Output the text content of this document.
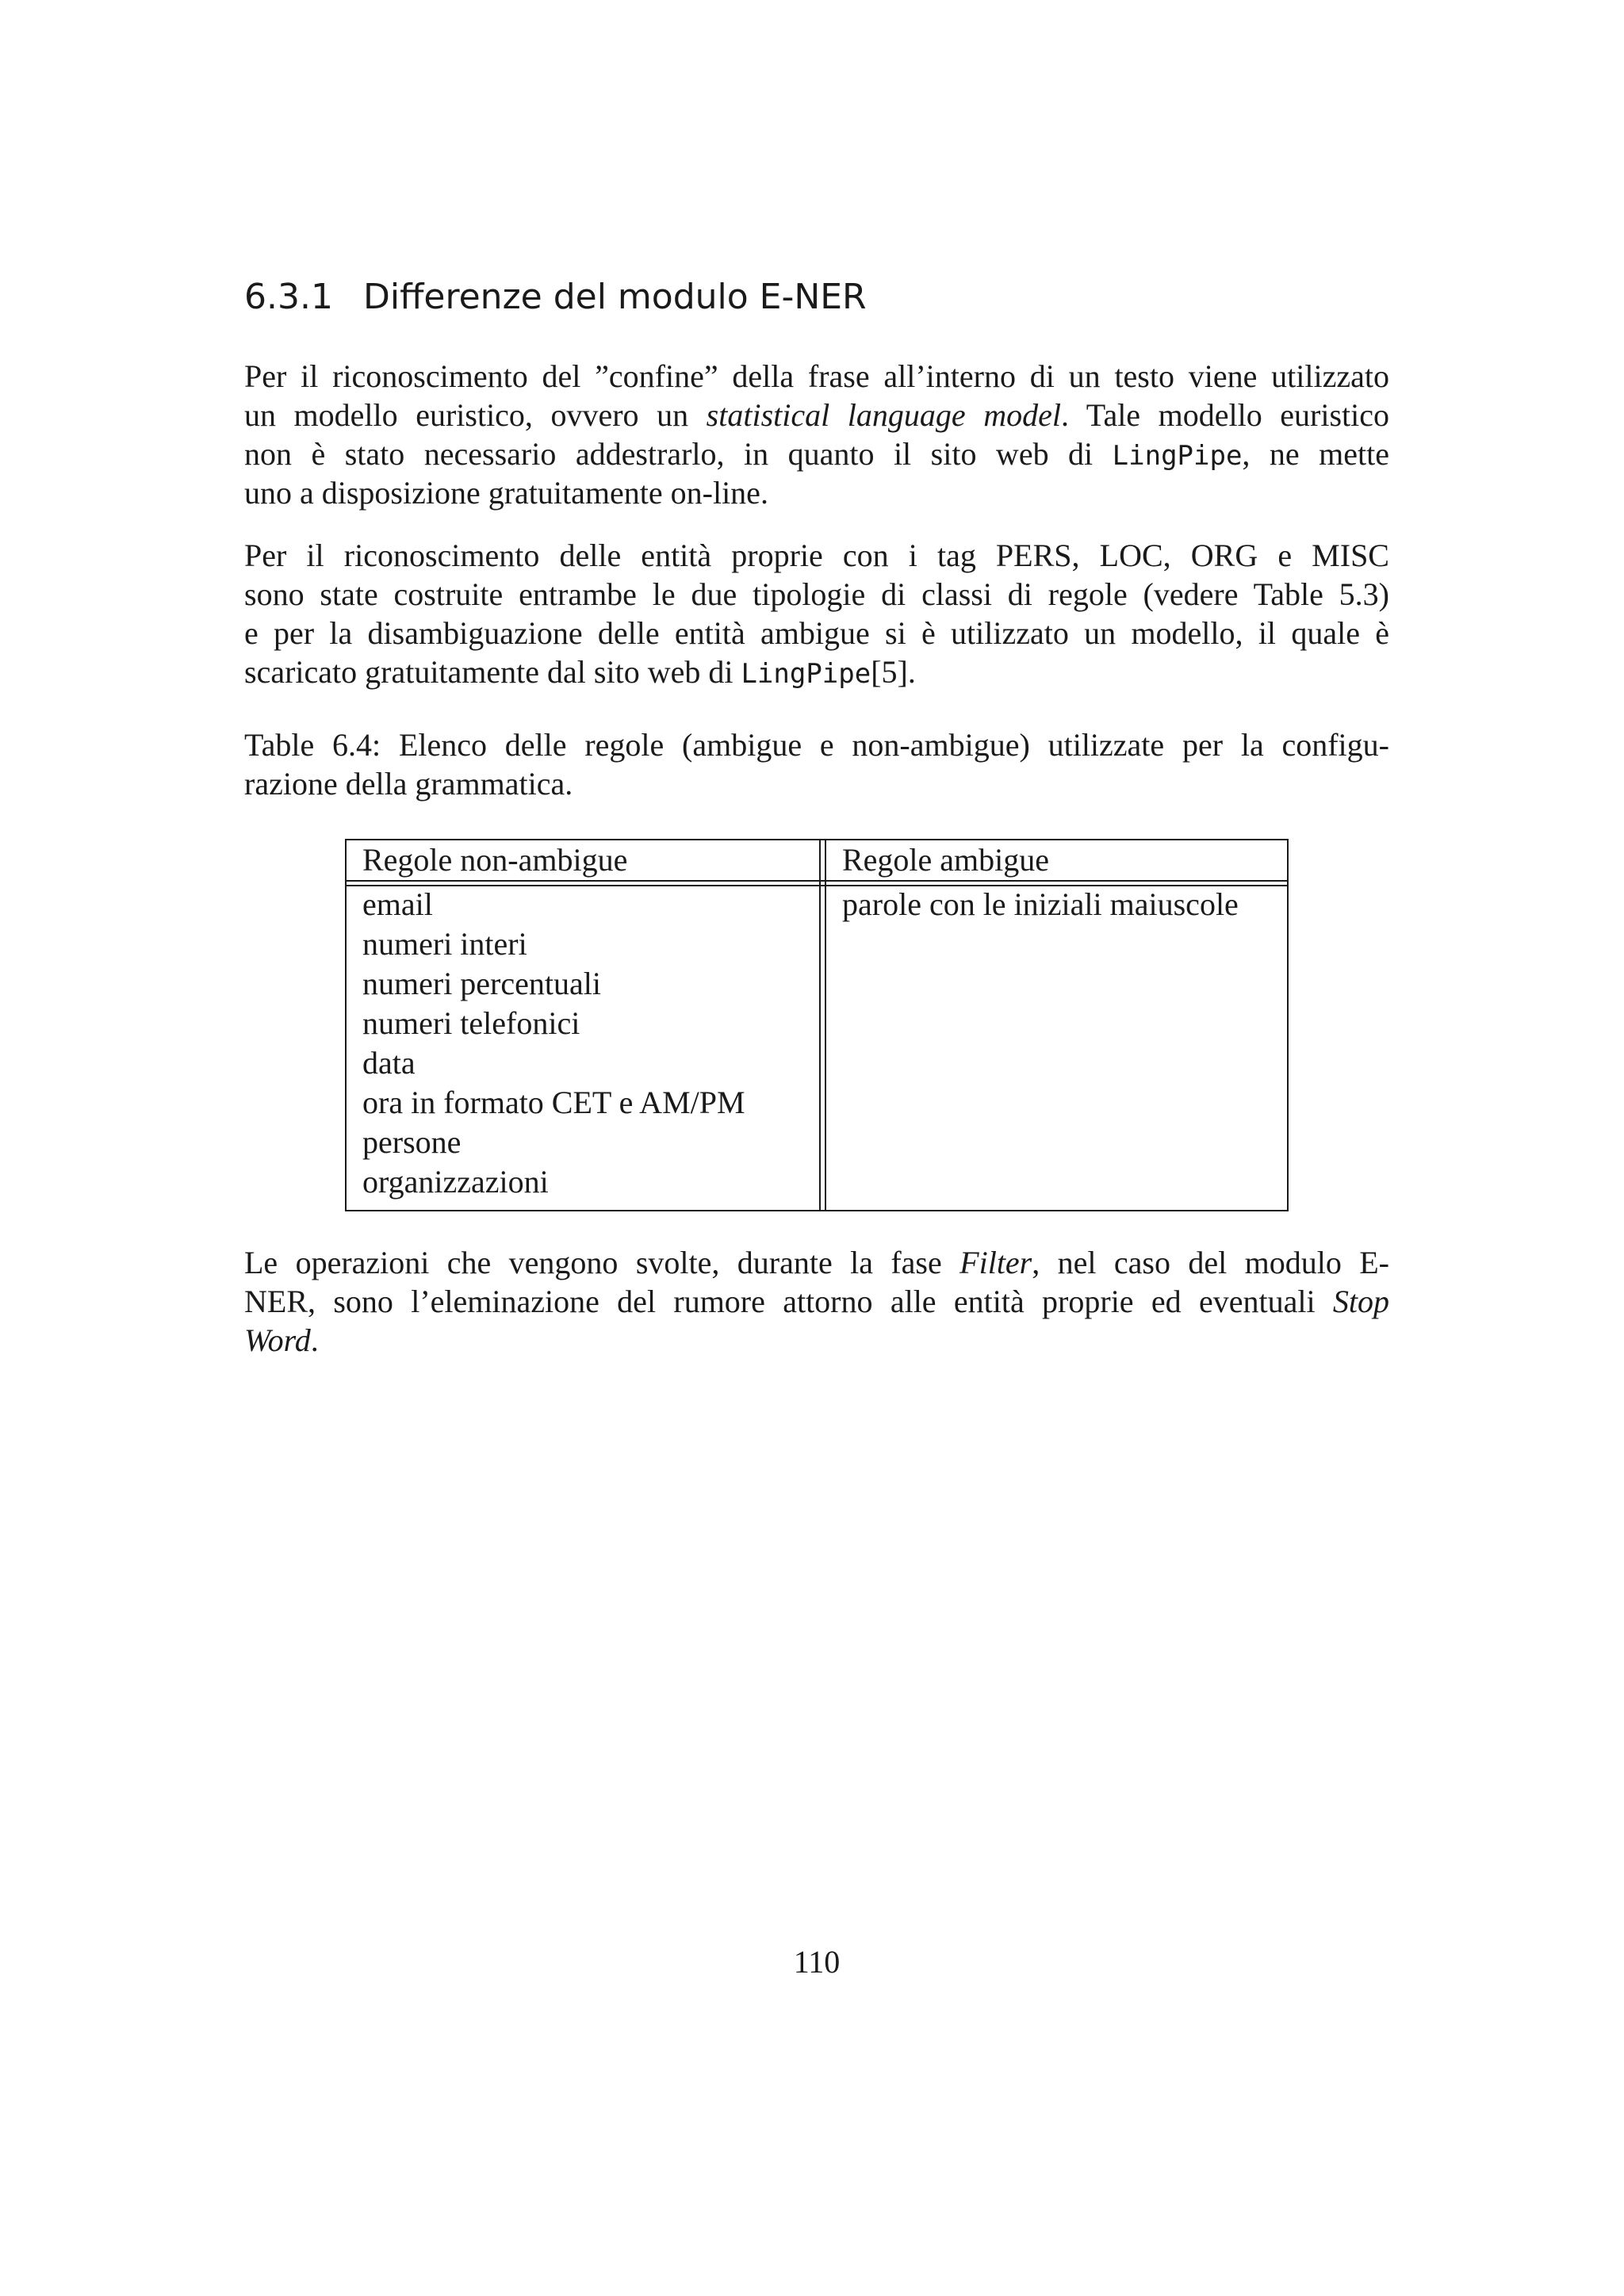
6.3.1 Differenze del modulo E-NER
Per il riconoscimento del ”confine” della frase all’interno di un testo viene utilizzato
un modello euristico, ovvero un statistical language model. Tale modello euristico
non è stato necessario addestrarlo, in quanto il sito web di LingPipe, ne mette
uno a disposizione gratuitamente on-line.
Per il riconoscimento delle entità proprie con i tag PERS, LOC, ORG e MISC
sono state costruite entrambe le due tipologie di classi di regole (vedere Table 5.3)
e per la disambiguazione delle entità ambigue si è utilizzato un modello, il quale è
scaricato gratuitamente dal sito web di LingPipe[5].
Table 6.4: Elenco delle regole (ambigue e non-ambigue) utilizzate per la configu-
razione della grammatica.
Regole non-ambigue	Regole ambigue
email
numeri interi
numeri percentuali
numeri telefonici
data
ora in formato CET e AM/PM
persone
organizzazioni
parole con le iniziali maiuscole
Le operazioni che vengono svolte, durante la fase Filter, nel caso del modulo E-
NER, sono l’eleminazione del rumore attorno alle entità proprie ed eventuali Stop
Word.
110
